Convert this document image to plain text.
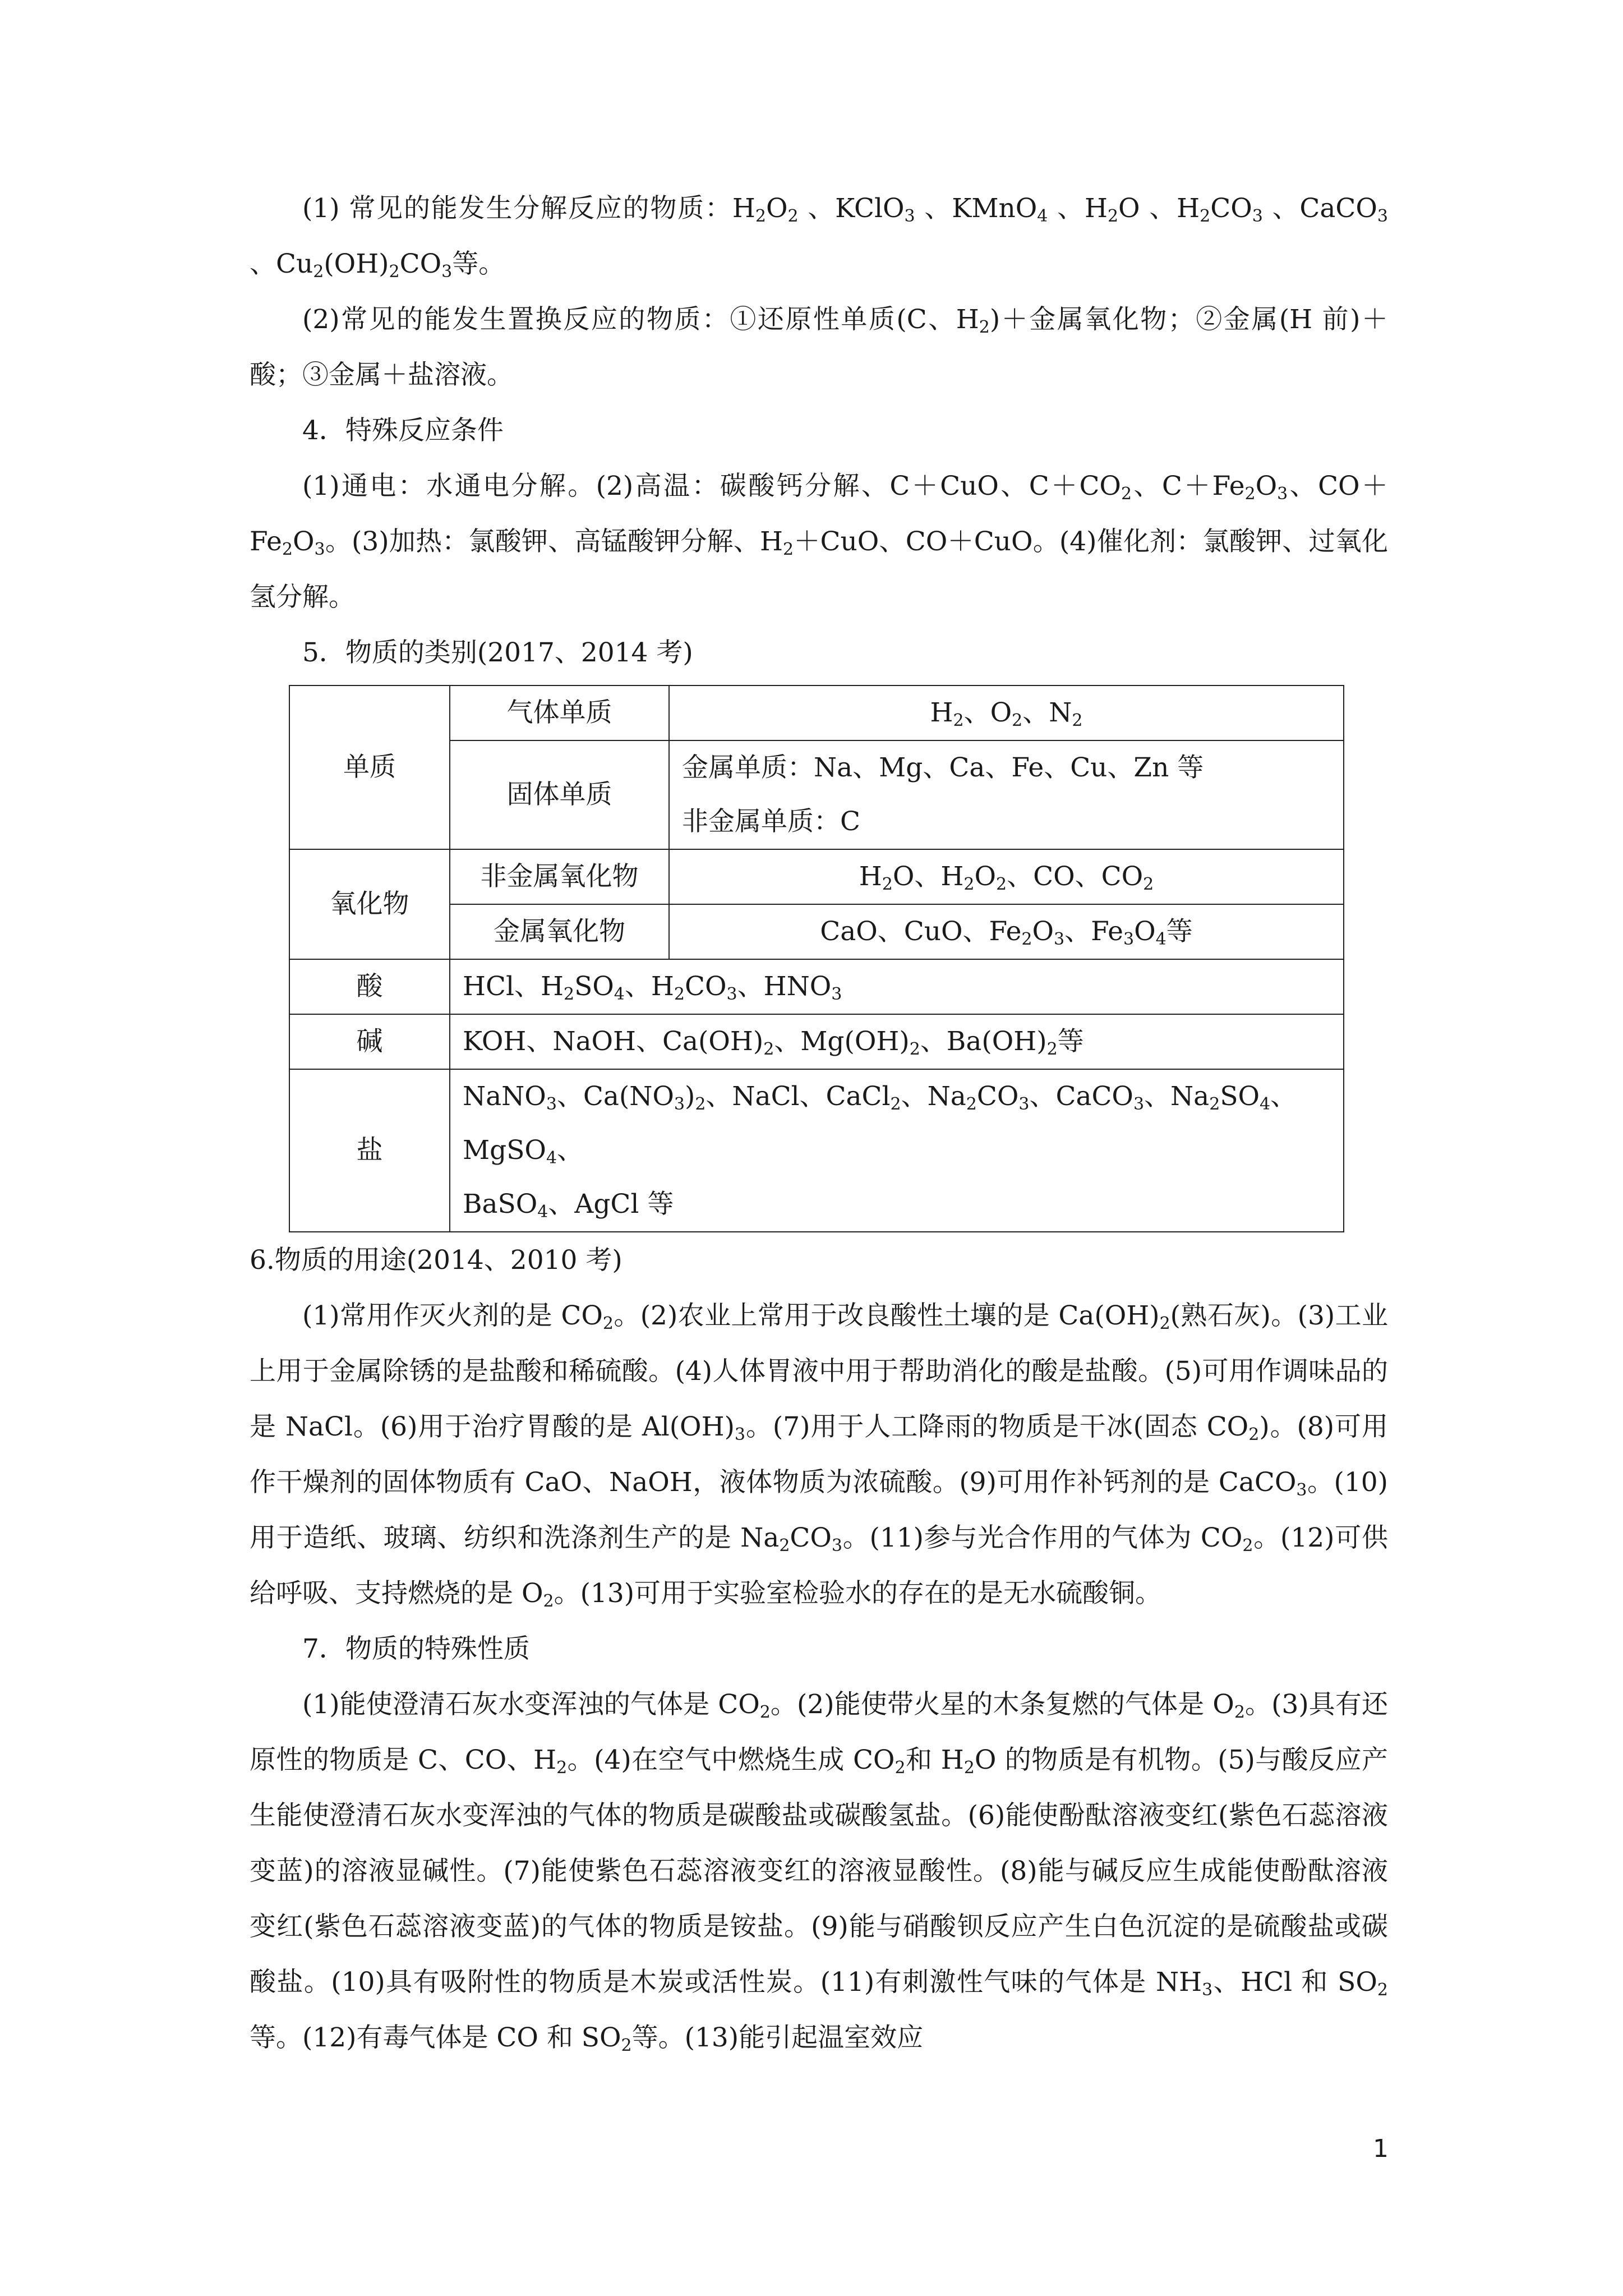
(1) 常见的能发生分解反应的物质：$H_2O_2$ 、KClO$_3$ 、KMnO$_4$ 、$H_2O$ 、$H_2CO_3$ 、CaCO$_3$ 、$Cu_2(OH)_2CO_3$等。

(2)常见的能发生置换反应的物质：①还原性单质(C、$H_2)+$金属氧化物；②金属(H 前)＋酸；③金属＋盐溶液。

4．特殊反应条件

(1)通电：水通电分解。(2)高温：碳酸钙分解、C＋CuO、$C+CO_2$、$C+Fe_2O_3$、$CO+Fe_2O_3$。(3)加热：氯酸钾、高锰酸钾分解、$H_2+CuO$、CO＋CuO。(4)催化剂：氯酸钾、过氧化氢分解。

5．物质的类别(2017、2014 考)

单质	气体单质	$H_2$、$O_2$、$N_2$
	固体单质	金属单质：Na、Mg、Ca、Fe、Cu、Zn 等
非金属单质：C

氧化物	非金属氧化物	$H_2O$、$H_2O_2$、CO、$CO_2$
	金属氧化物	CaO、CuO、$Fe_2O_3$、$Fe_3O_4$等
酸	HCl、$H_2SO_4$、$H_2CO_3$、$HNO_3$
碱	KOH、NaOH、$Ca(OH)_2$、$Mg(OH)_2$、$Ba(OH)_2$等	
盐	NaNO$_3$、$Ca(NO_3)_2$、NaCl、CaCl$_2$、$Na_2CO_3$、CaCO$_3$、$Na_2SO_4$、MgSO$_4$、
BaSO$_4$、AgCl 等	

6.物质的用途(2014、2010 考)

(1)常用作灭火剂的是 $CO_2$。(2)农业上常用于改良酸性土壤的是 $Ca(OH)_2$(熟石灰)。(3)工业上用于金属除锈的是盐酸和稀硫酸。(4)人体胃液中用于帮助消化的酸是盐酸。(5)可用作调味品的是 NaCl。(6)用于治疗胃酸的是 $Al(OH)_3$。(7)用于人工降雨的物质是干冰(固态 $CO_2$)。(8)可用作干燥剂的固体物质有 CaO、NaOH，液体物质为浓硫酸。(9)可用作补钙剂的是 CaCO$_3$。(10)用于造纸、玻璃、纺织和洗涤剂生产的是 $Na_2CO_3$。(11)参与光合作用的气体为 $CO_2$。(12)可供给呼吸、支持燃烧的是 $O_2$。(13)可用于实验室检验水的存在的是无水硫酸铜。

7．物质的特殊性质

(1)能使澄清石灰水变浑浊的气体是 $CO_2$。(2)能使带火星的木条复燃的气体是 $O_2$。(3)具有还原性的物质是 C、CO、$H_2$。(4)在空气中燃烧生成 $CO_2$和 $H_2O$ 的物质是有机物。(5)与酸反应产生能使澄清石灰水变浑浊的气体的物质是碳酸盐或碳酸氢盐。(6)能使酚酞溶液变红(紫色石蕊溶液变蓝)的溶液显碱性。(7)能使紫色石蕊溶液变红的溶液显酸性。(8)能与碱反应生成能使酚酞溶液变红(紫色石蕊溶液变蓝)的气体的物质是铵盐。(9)能与硝酸钡反应产生白色沉淀的是硫酸盐或碳酸盐。(10)具有吸附性的物质是木炭或活性炭。(11)有刺激性气味的气体是 $NH_3$、HCl 和 $SO_2$等。(12)有毒气体是 CO 和 $SO_2$等。(13)能引起温室效应

1
